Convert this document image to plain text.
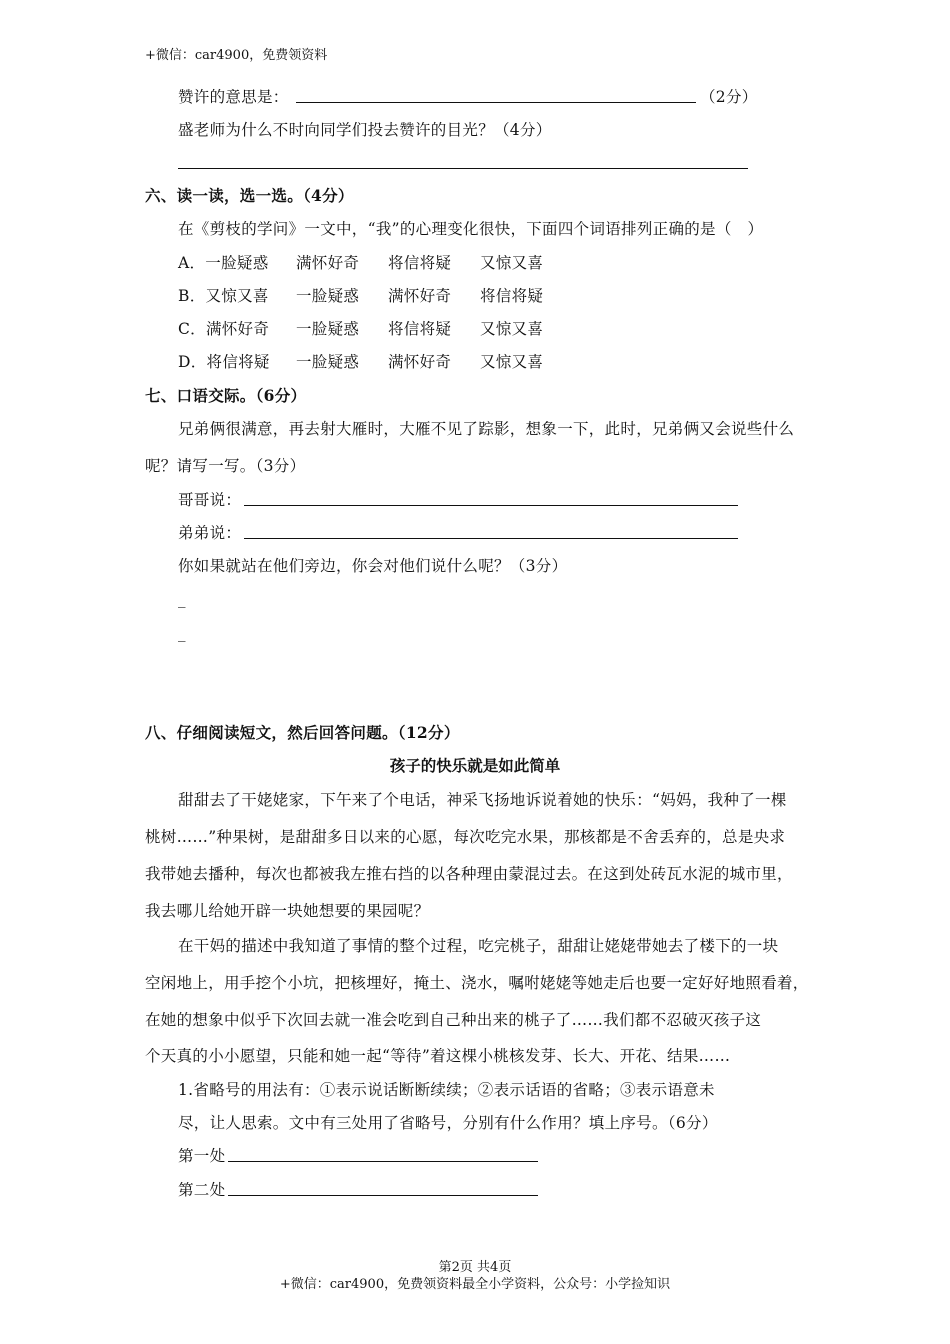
+微信：car4900，免费领资料
赞许的意思是：	（2分）
盛老师为什么不时向同学们投去赞许的目光？（4分）
六、读一读，选一选。（4分）
在《剪枝的学问》一文中，“我”的心理变化很快，下面四个词语排列正确的是（　）
A．一脸疑惑 满怀好奇 将信将疑 又惊又喜
B．又惊又喜 一脸疑惑 满怀好奇 将信将疑
C．满怀好奇 一脸疑惑 将信将疑 又惊又喜
D．将信将疑 一脸疑惑 满怀好奇 又惊又喜
七、口语交际。（6分）
兄弟俩很满意，再去射大雁时，大雁不见了踪影，想象一下，此时，兄弟俩又会说些什么
呢？请写一写。（3分）
哥哥说：
弟弟说：
你如果就站在他们旁边，你会对他们说什么呢？（3分）
_
_
八、仔细阅读短文，然后回答问题。（12分）
孩子的快乐就是如此简单
甜甜去了干姥姥家，下午来了个电话，神采飞扬地诉说着她的快乐：“妈妈，我种了一棵
桃树……”种果树，是甜甜多日以来的心愿，每次吃完水果，那核都是不舍丢弃的，总是央求
我带她去播种，每次也都被我左推右挡的以各种理由蒙混过去。在这到处砖瓦水泥的城市里，
我去哪儿给她开辟一块她想要的果园呢？
在干妈的描述中我知道了事情的整个过程，吃完桃子，甜甜让姥姥带她去了楼下的一块
空闲地上，用手挖个小坑，把核埋好，掩土、浇水，嘱咐姥姥等她走后也要一定好好地照看着，
在她的想象中似乎下次回去就一准会吃到自己种出来的桃子了……我们都不忍破灭孩子这
个天真的小小愿望，只能和她一起“等待”着这棵小桃核发芽、长大、开花、结果……
1.省略号的用法有：①表示说话断断续续；②表示话语的省略；③表示语意未
尽，让人思索。文中有三处用了省略号，分别有什么作用？填上序号。（6分）
第一处
第二处
第2页 共4页
+微信：car4900，免费领资料最全小学资料，公众号：小学捡知识
